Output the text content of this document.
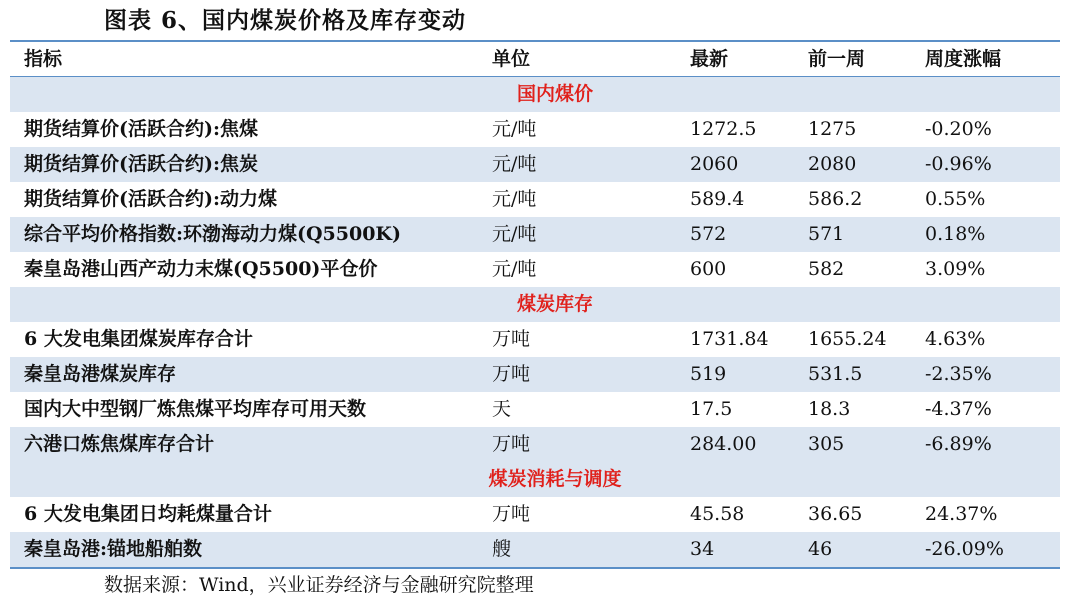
图表 6、国内煤炭价格及库存变动
指标	单位	最新	前一周	周度涨幅
国内煤价
期货结算价(活跃合约):焦煤	元/吨	1272.5	1275	-0.20%
期货结算价(活跃合约):焦炭	元/吨	2060	2080	-0.96%
期货结算价(活跃合约):动力煤	元/吨	589.4	586.2	0.55%
综合平均价格指数:环渤海动力煤(Q5500K)	元/吨	572	571	0.18%
秦皇岛港山西产动力末煤(Q5500)平仓价	元/吨	600	582	3.09%
煤炭库存
6 大发电集团煤炭库存合计	万吨	1731.84 1655.24 4.63%
秦皇岛港煤炭库存	万吨	519	531.5	-2.35%
国内大中型钢厂炼焦煤平均库存可用天数	天	17.5	18.3	-4.37%
六港口炼焦煤库存合计	万吨	284.00	305	-6.89%
煤炭消耗与调度
6 大发电集团日均耗煤量合计	万吨	45.58	36.65	24.37%
秦皇岛港:锚地船舶数	艘	34	46	-26.09%
数据来源：Wind，兴业证券经济与金融研究院整理
